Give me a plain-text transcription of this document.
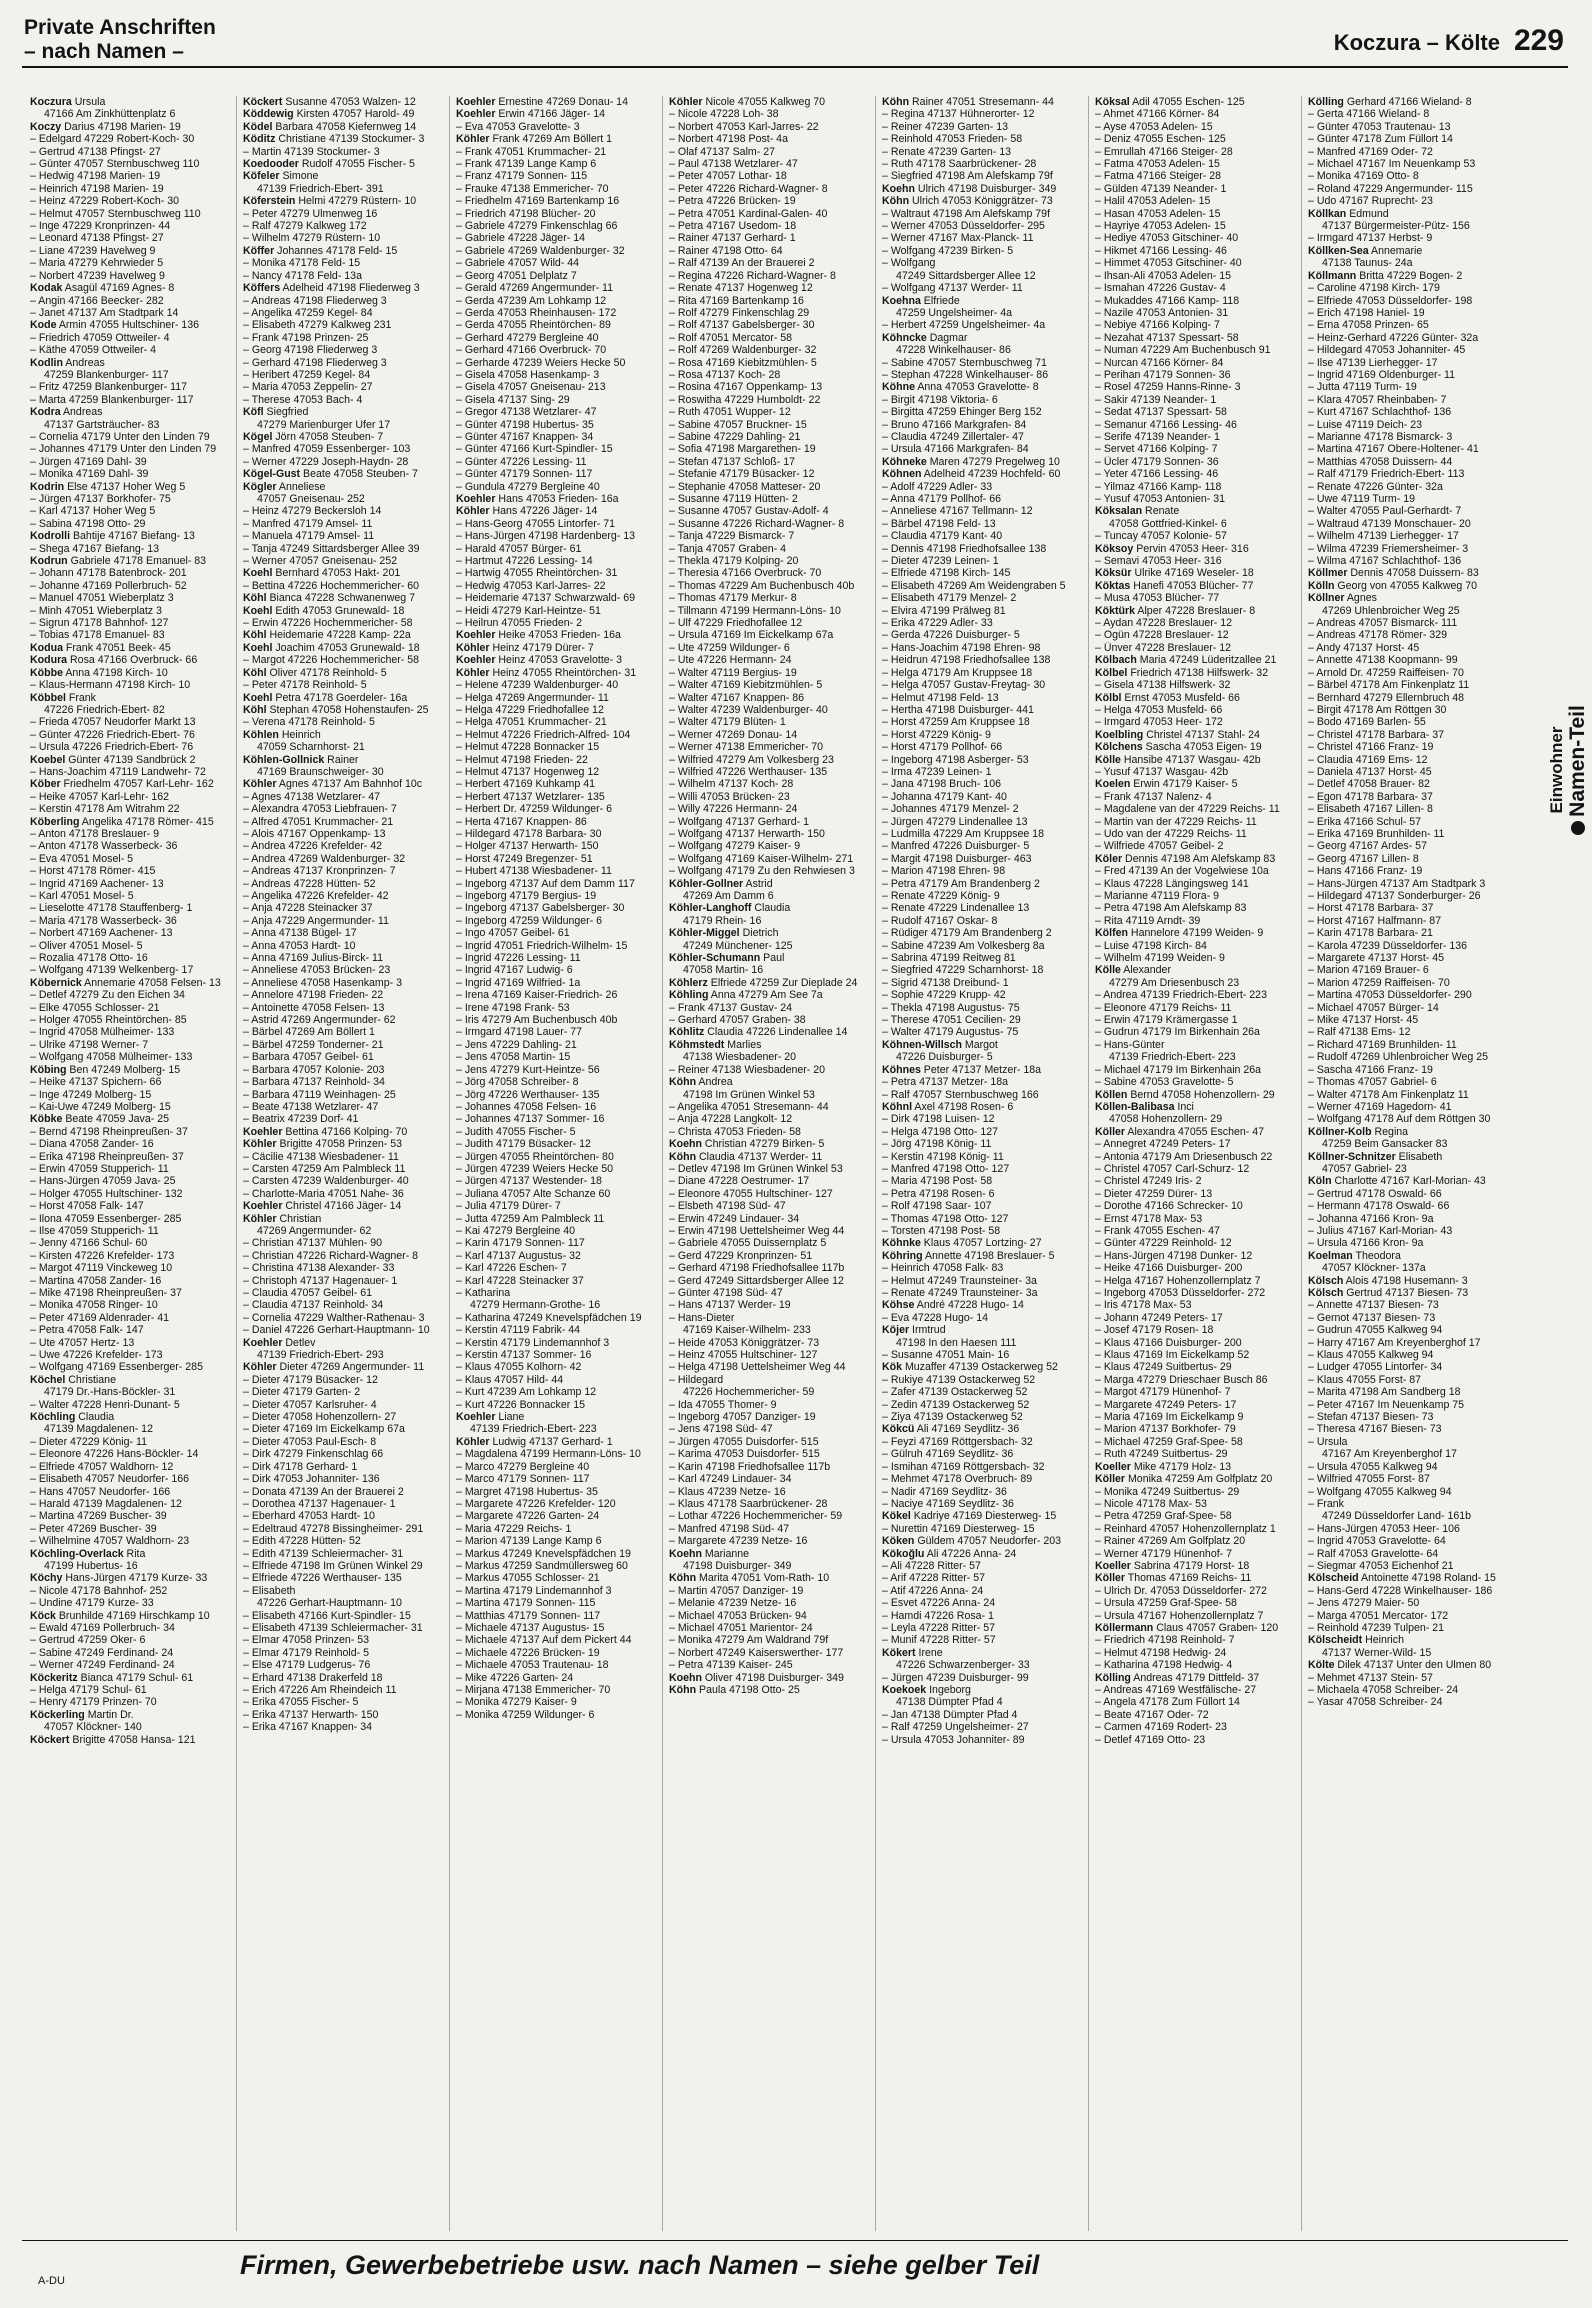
Private Anschriften
– nach Namen –	Koczura – Költe 229
Koczura Ursula
47166 Am Zinkhüttenplatz 6
Koczy Darius 47198 Marien- 19
– Edelgard 47229 Robert-Koch- 30
– Gertrud 47138 Pfingst- 27
– Günter 47057 Sternbuschweg 110
– Hedwig 47198 Marien- 19
– Heinrich 47198 Marien- 19
– Heinz 47229 Robert-Koch- 30
– Helmut 47057 Sternbuschweg 110
– Inge 47229 Kronprinzen- 44
– Leonard 47138 Pfingst- 27
– Liane 47239 Havelweg 9
– Maria 47279 Kehrwieder 5
– Norbert 47239 Havelweg 9
Kodak Asagül 47169 Agnes- 8
– Angin 47166 Beecker- 282
– Janet 47137 Am Stadtpark 14
Kode Armin 47055 Hultschiner- 136
– Friedrich 47059 Ottweiler- 4
– Käthe 47059 Ottweiler- 4
Kodlin Andreas
47259 Blankenburger- 117
– Fritz 47259 Blankenburger- 117
– Marta 47259 Blankenburger- 117
Kodra Andreas
47137 Gartsträucher- 83
– Cornelia 47179 Unter den Linden 79
– Johannes 47179 Unter den Linden 79
– Jürgen 47169 Dahl- 39
– Monika 47169 Dahl- 39
Kodrin Else 47137 Hoher Weg 5
– Jürgen 47137 Borkhofer- 75
– Karl 47137 Hoher Weg 5
– Sabina 47198 Otto- 29
Kodrolli Bahtije 47167 Biefang- 13
– Shega 47167 Biefang- 13
Kodrun Gabriele 47178 Emanuel- 83
– Johann 47178 Batenbrock- 201
– Johanne 47169 Pollerbruch- 52
– Manuel 47051 Wieberplatz 3
– Minh 47051 Wieberplatz 3
– Sigrun 47178 Bahnhof- 127
– Tobias 47178 Emanuel- 83
Kodua Frank 47051 Beek- 45
Kodura Rosa 47166 Overbruck- 66
Köbbe Anna 47198 Kirch- 10
– Klaus-Hermann 47198 Kirch- 10
Köbbel Frank
47226 Friedrich-Ebert- 82
– Frieda 47057 Neudorfer Markt 13
– Günter 47226 Friedrich-Ebert- 76
– Ursula 47226 Friedrich-Ebert- 76
Koebel Günter 47139 Sandbrück 2
– Hans-Joachim 47119 Landwehr- 72
Köber Friedhelm 47057 Karl-Lehr- 162
– Heike 47057 Karl-Lehr- 162
– Kerstin 47178 Am Witrahm 22
Köberling Angelika 47178 Römer- 415
– Anton 47178 Breslauer- 9
– Anton 47178 Wasserbeck- 36
– Eva 47051 Mosel- 5
– Horst 47178 Römer- 415
– Ingrid 47169 Aachener- 13
– Karl 47051 Mosel- 5
– Lieselotte 47178 Stauffenberg- 1
– Maria 47178 Wasserbeck- 36
– Norbert 47169 Aachener- 13
– Oliver 47051 Mosel- 5
– Rozalia 47178 Otto- 16
– Wolfgang 47139 Welkenberg- 17
Köbernick Annemarie 47058 Felsen- 13
– Detlef 47279 Zu den Eichen 34
– Elke 47055 Schlosser- 21
– Holger 47055 Rheintörchen- 85
– Ingrid 47058 Mülheimer- 133
– Ulrike 47198 Werner- 7
– Wolfgang 47058 Mülheimer- 133
Köbing Ben 47249 Molberg- 15
– Heike 47137 Spichern- 66
– Inge 47249 Molberg- 15
– Kai-Uwe 47249 Molberg- 15
Köbke Beate 47059 Java- 25
– Bernd 47198 Rheinpreußen- 37
– Diana 47058 Zander- 16
– Erika 47198 Rheinpreußen- 37
– Erwin 47059 Stupperich- 11
– Hans-Jürgen 47059 Java- 25
– Holger 47055 Hultschiner- 132
– Horst 47058 Falk- 147
– Ilona 47059 Essenberger- 285
– Ilse 47059 Stupperich- 11
– Jenny 47166 Schul- 60
– Kirsten 47226 Krefelder- 173
– Margot 47119 Vinckeweg 10
– Martina 47058 Zander- 16
– Mike 47198 Rheinpreußen- 37
– Monika 47058 Ringer- 10
– Peter 47169 Aldenrader- 41
– Petra 47058 Falk- 147
– Ute 47057 Hertz- 13
– Uwe 47226 Krefelder- 173
– Wolfgang 47169 Essenberger- 285
Köchel Christiane
47179 Dr.-Hans-Böckler- 31
– Walter 47228 Henri-Dunant- 5
Köchling Claudia
47139 Magdalenen- 12
– Dieter 47229 König- 11
– Eleonore 47226 Hans-Böckler- 14
– Elfriede 47057 Waldhorn- 12
– Elisabeth 47057 Neudorfer- 166
– Hans 47057 Neudorfer- 166
– Harald 47139 Magdalenen- 12
– Martina 47269 Buscher- 39
– Peter 47269 Buscher- 39
– Wilhelmine 47057 Waldhorn- 23
Köchling-Overlack Rita
47199 Hubertus- 16
Köchy Hans-Jürgen 47179 Kurze- 33
– Nicole 47178 Bahnhof- 252
– Undine 47179 Kurze- 33
Köck Brunhilde 47169 Hirschkamp 10
– Ewald 47169 Pollerbruch- 34
– Gertrud 47259 Oker- 6
– Sabine 47249 Ferdinand- 24
– Werner 47249 Ferdinand- 24
Köckeritz Bianca 47179 Schul- 61
– Helga 47179 Schul- 61
– Henry 47179 Prinzen- 70
Köckerling Martin Dr.
47057 Klöckner- 140
Köckert Brigitte 47058 Hansa- 121
Köckert Susanne 47053 Walzen- 12
Köddewig Kirsten 47057 Harold- 49
Ködel Barbara 47058 Kiefernweg 14
Köditz Christiane 47139 Stockumer- 3
– Martin 47139 Stockumer- 3
Koedooder Rudolf 47055 Fischer- 5
Köfeler Simone
47139 Friedrich-Ebert- 391
Köferstein Helmi 47279 Rüstern- 10
– Peter 47279 Ulmenweg 16
– Ralf 47279 Kalkweg 172
– Wilhelm 47279 Rüstern- 10
Köffer Johannes 47178 Feld- 15
– Monika 47178 Feld- 15
– Nancy 47178 Feld- 13a
Köffers Adelheid 47198 Fliederweg 3
– Andreas 47198 Fliederweg 3
– Angelika 47259 Kegel- 84
– Elisabeth 47279 Kalkweg 231
– Frank 47198 Prinzen- 25
– Georg 47198 Fliederweg 3
– Gerhard 47198 Fliederweg 3
– Heribert 47259 Kegel- 84
– Maria 47053 Zeppelin- 27
– Therese 47053 Bach- 4
Köfl Siegfried
47279 Marienburger Ufer 17
Kögel Jörn 47058 Steuben- 7
– Manfred 47059 Essenberger- 103
– Werner 47229 Joseph-Haydn- 28
Kögel-Gust Beate 47058 Steuben- 7
Kögler Anneliese
47057 Gneisenau- 252
– Heinz 47279 Beckersloh 14
– Manfred 47179 Amsel- 11
– Manuela 47179 Amsel- 11
– Tanja 47249 Sittardsberger Allee 39
– Werner 47057 Gneisenau- 252
Koehl Bernhard 47053 Hakt- 201
– Bettina 47226 Hochemmericher- 60
Köhl Bianca 47228 Schwanenweg 7
Koehl Edith 47053 Grunewald- 18
– Erwin 47226 Hochemmericher- 58
Köhl Heidemarie 47228 Kamp- 22a
Koehl Joachim 47053 Grunewald- 18
– Margot 47226 Hochemmericher- 58
Köhl Oliver 47178 Reinhold- 5
– Peter 47178 Reinhold- 5
Koehl Petra 47178 Goerdeler- 16a
Köhl Stephan 47058 Hohenstaufen- 25
– Verena 47178 Reinhold- 5
Köhlen Heinrich
47059 Scharnhorst- 21
Köhlen-Gollnick Rainer
47169 Braunschweiger- 30
Köhler Agnes 47137 Am Bahnhof 10c
– Agnes 47138 Wetzlarer- 47
– Alexandra 47053 Liebfrauen- 7
– Alfred 47051 Krummacher- 21
– Alois 47167 Oppenkamp- 13
– Andrea 47226 Krefelder- 42
– Andrea 47269 Waldenburger- 32
– Andreas 47137 Kronprinzen- 7
– Andreas 47228 Hütten- 52
– Angelika 47226 Krefelder- 42
– Anja 47228 Steinacker 37
– Anja 47229 Angermunder- 11
– Anna 47138 Bügel- 17
– Anna 47053 Hardt- 10
– Anna 47169 Julius-Birck- 11
– Anneliese 47053 Brücken- 23
– Anneliese 47058 Hasenkamp- 3
– Annelore 47198 Frieden- 22
– Antoinette 47058 Felsen- 13
– Astrid 47269 Angermunder- 62
– Bärbel 47269 Am Böllert 1
– Bärbel 47259 Tonderner- 21
– Barbara 47057 Geibel- 61
– Barbara 47057 Kolonie- 203
– Barbara 47137 Reinhold- 34
– Barbara 47119 Weinhagen- 25
– Beate 47138 Wetzlarer- 47
– Beatrix 47239 Dorf- 41
Koehler Bettina 47166 Kolping- 70
Köhler Brigitte 47058 Prinzen- 53
– Cäcilie 47138 Wiesbadener- 11
– Carsten 47259 Am Palmbleck 11
– Carsten 47239 Waldenburger- 40
– Charlotte-Maria 47051 Nahe- 36
Koehler Christel 47166 Jäger- 14
Köhler Christian
47269 Angermunder- 62
– Christian 47137 Mühlen- 90
– Christian 47226 Richard-Wagner- 8
– Christina 47138 Alexander- 33
– Christoph 47137 Hagenauer- 1
– Claudia 47057 Geibel- 61
– Claudia 47137 Reinhold- 34
– Cornelia 47229 Walther-Rathenau- 3
– Daniel 47226 Gerhart-Hauptmann- 10
Koehler Detlev
47139 Friedrich-Ebert- 293
Köhler Dieter 47269 Angermunder- 11
– Dieter 47179 Büsacker- 12
– Dieter 47179 Garten- 2
– Dieter 47057 Karlsruher- 4
– Dieter 47058 Hohenzollern- 27
– Dieter 47169 Im Eickelkamp 67a
– Dieter 47053 Paul-Esch- 8
– Dirk 47279 Finkenschlag 66
– Dirk 47178 Gerhard- 1
– Dirk 47053 Johanniter- 136
– Donata 47139 An der Brauerei 2
– Dorothea 47137 Hagenauer- 1
– Eberhard 47053 Hardt- 10
– Edeltraud 47278 Bissingheimer- 291
– Edith 47228 Hütten- 52
– Edith 47139 Schleiermacher- 31
– Elfriede 47198 Im Grünen Winkel 29
– Elfriede 47226 Werthauser- 135
– Elisabeth
47226 Gerhart-Hauptmann- 10
– Elisabeth 47166 Kurt-Spindler- 15
– Elisabeth 47139 Schleiermacher- 31
– Elmar 47058 Prinzen- 53
– Elmar 47179 Reinhold- 5
– Else 47179 Ludgerus- 76
– Erhard 47138 Drakerfeld 18
– Erich 47226 Am Rheindeich 11
– Erika 47055 Fischer- 5
– Erika 47137 Herwarth- 150
– Erika 47167 Knappen- 34
Koehler Ernestine 47269 Donau- 14
Koehler Erwin 47166 Jäger- 14
– Eva 47053 Gravelotte- 3
Köhler Frank 47269 Am Böllert 1
– Frank 47051 Krummacher- 21
– Frank 47139 Lange Kamp 6
– Franz 47179 Sonnen- 115
– Frauke 47138 Emmericher- 70
– Friedhelm 47169 Bartenkamp 16
– Friedrich 47198 Blücher- 20
– Gabriele 47279 Finkenschlag 66
– Gabriele 47228 Jäger- 14
– Gabriele 47269 Waldenburger- 32
– Gabriele 47057 Wild- 44
– Georg 47051 Delplatz 7
– Gerald 47269 Angermunder- 11
– Gerda 47239 Am Lohkamp 12
– Gerda 47053 Rheinhausen- 172
– Gerda 47055 Rheintörchen- 89
– Gerhard 47279 Bergleine 40
– Gerhard 47166 Overbruck- 70
– Gerharde 47239 Weiers Hecke 50
– Gisela 47058 Hasenkamp- 3
– Gisela 47057 Gneisenau- 213
– Gisela 47137 Sing- 29
– Gregor 47138 Wetzlarer- 47
– Günter 47198 Hubertus- 35
– Günter 47167 Knappen- 34
– Günter 47166 Kurt-Spindler- 15
– Günter 47226 Lessing- 11
– Günter 47179 Sonnen- 117
– Gundula 47279 Bergleine 40
Koehler Hans 47053 Frieden- 16a
Köhler Hans 47226 Jäger- 14
– Hans-Georg 47055 Lintorfer- 71
– Hans-Jürgen 47198 Hardenberg- 13
– Harald 47057 Bürger- 61
– Hartmut 47226 Lessing- 14
– Hartwig 47055 Rheintörchen- 31
– Hedwig 47053 Karl-Jarres- 22
– Heidemarie 47137 Schwarzwald- 69
– Heidi 47279 Karl-Heintze- 51
– Heilrun 47055 Frieden- 2
Koehler Heike 47053 Frieden- 16a
Köhler Heinz 47179 Dürer- 7
Koehler Heinz 47053 Gravelotte- 3
Köhler Heinz 47055 Rheintörchen- 31
– Helene 47239 Waldenburger- 40
– Helga 47269 Angermunder- 11
– Helga 47229 Friedhofallee 12
– Helga 47051 Krummacher- 21
– Helmut 47226 Friedrich-Alfred- 104
– Helmut 47228 Bonnacker 15
– Helmut 47198 Frieden- 22
– Helmut 47137 Hogenweg 12
– Herbert 47169 Kuhkamp 41
– Herbert 47137 Wetzlarer- 135
– Herbert Dr. 47259 Wildunger- 6
– Herta 47167 Knappen- 86
– Hildegard 47178 Barbara- 30
– Holger 47137 Herwarth- 150
– Horst 47249 Bregenzer- 51
– Hubert 47138 Wiesbadener- 11
– Ingeborg 47137 Auf dem Damm 117
– Ingeborg 47179 Bergius- 19
– Ingeborg 47137 Gabelsberger- 30
– Ingeborg 47259 Wildunger- 6
– Ingo 47057 Geibel- 61
– Ingrid 47051 Friedrich-Wilhelm- 15
– Ingrid 47226 Lessing- 11
– Ingrid 47167 Ludwig- 6
– Ingrid 47169 Wilfried- 1a
– Irena 47169 Kaiser-Friedrich- 26
– Irene 47198 Frank- 53
– Iris 47279 Am Buchenbusch 40b
– Irmgard 47198 Lauer- 77
– Jens 47229 Dahling- 21
– Jens 47058 Martin- 15
– Jens 47279 Kurt-Heintze- 56
– Jörg 47058 Schreiber- 8
– Jörg 47226 Werthauser- 135
– Johannes 47058 Felsen- 16
– Johannes 47137 Sommer- 16
– Judith 47055 Fischer- 5
– Judith 47179 Büsacker- 12
– Jürgen 47055 Rheintörchen- 80
– Jürgen 47239 Weiers Hecke 50
– Jürgen 47137 Westender- 18
– Juliana 47057 Alte Schanze 60
– Julia 47179 Dürer- 7
– Jutta 47259 Am Palmbleck 11
– Kai 47279 Bergleine 40
– Karin 47179 Sonnen- 117
– Karl 47137 Augustus- 32
– Karl 47226 Eschen- 7
– Karl 47228 Steinacker 37
– Katharina
47279 Hermann-Grothe- 16
– Katharina 47249 Knevelspfädchen 19
– Kerstin 47119 Fabrik- 44
– Kerstin 47179 Lindemannhof 3
– Kerstin 47137 Sommer- 16
– Klaus 47055 Kolhorn- 42
– Klaus 47057 Hild- 44
– Kurt 47239 Am Lohkamp 12
– Kurt 47226 Bonnacker 15
Koehler Liane
47139 Friedrich-Ebert- 223
Köhler Ludwig 47137 Gerhard- 1
– Magdalena 47199 Hermann-Löns- 10
– Marco 47279 Bergleine 40
– Marco 47179 Sonnen- 117
– Margret 47198 Hubertus- 35
– Margarete 47226 Krefelder- 120
– Margarete 47226 Garten- 24
– Maria 47229 Reichs- 1
– Marion 47139 Lange Kamp 6
– Markus 47249 Knevelspfädchen 19
– Markus 47259 Sandmüllersweg 60
– Markus 47055 Schlosser- 21
– Martina 47179 Lindemannhof 3
– Martina 47179 Sonnen- 115
– Matthias 47179 Sonnen- 117
– Michaele 47137 Augustus- 15
– Michaele 47137 Auf dem Pickert 44
– Michaele 47226 Brücken- 19
– Michaele 47053 Trautenau- 18
– Mike 47226 Garten- 24
– Mirjana 47138 Emmericher- 70
– Monika 47279 Kaiser- 9
– Monika 47259 Wildunger- 6
Köhler Nicole 47055 Kalkweg 70
– Nicole 47228 Loh- 38
– Norbert 47053 Karl-Jarres- 22
– Norbert 47198 Post- 4a
– Olaf 47137 Salm- 27
– Paul 47138 Wetzlarer- 47
– Peter 47057 Lothar- 18
– Peter 47226 Richard-Wagner- 8
– Petra 47226 Brücken- 19
– Petra 47051 Kardinal-Galen- 40
– Petra 47167 Usedom- 18
– Rainer 47137 Gerhard- 1
– Rainer 47198 Otto- 64
– Ralf 47139 An der Brauerei 2
– Regina 47226 Richard-Wagner- 8
– Renate 47137 Hogenweg 12
– Rita 47169 Bartenkamp 16
– Rolf 47279 Finkenschlag 29
– Rolf 47137 Gabelsberger- 30
– Rolf 47051 Mercator- 58
– Rolf 47269 Waldenburger- 32
– Rosa 47169 Kiebitzmühlen- 5
– Rosa 47137 Koch- 28
– Rosina 47167 Oppenkamp- 13
– Roswitha 47229 Humboldt- 22
– Ruth 47051 Wupper- 12
– Sabine 47057 Bruckner- 15
– Sabine 47229 Dahling- 21
– Sofia 47198 Margarethen- 19
– Stefan 47137 Schloß- 17
– Stefanie 47179 Büsacker- 12
– Stephanie 47058 Matteser- 20
– Susanne 47119 Hütten- 2
– Susanne 47057 Gustav-Adolf- 4
– Susanne 47226 Richard-Wagner- 8
– Tanja 47229 Bismarck- 7
– Tanja 47057 Graben- 4
– Thekla 47179 Kolping- 20
– Theresia 47166 Overbruck- 70
– Thomas 47229 Am Buchenbusch 40b
– Thomas 47179 Merkur- 8
– Tillmann 47199 Hermann-Löns- 10
– Ulf 47229 Friedhofallee 12
– Ursula 47169 Im Eickelkamp 67a
– Ute 47259 Wildunger- 6
– Ute 47226 Hermann- 24
– Walter 47119 Bergius- 19
– Walter 47169 Kiebitzmühlen- 5
– Walter 47167 Knappen- 86
– Walter 47239 Waldenburger- 40
– Walter 47179 Blüten- 1
– Werner 47269 Donau- 14
– Werner 47138 Emmericher- 70
– Wilfried 47279 Am Volkesberg 23
– Wilfried 47226 Werthauser- 135
– Wilhelm 47137 Koch- 28
– Willi 47053 Brücken- 23
– Willy 47226 Hermann- 24
– Wolfgang 47137 Gerhard- 1
– Wolfgang 47137 Herwarth- 150
– Wolfgang 47279 Kaiser- 9
– Wolfgang 47169 Kaiser-Wilhelm- 271
– Wolfgang 47179 Zu den Rehwiesen 3
Köhler-Gollner Astrid
47269 Am Damm 6
Köhler-Langhoff Claudia
47179 Rhein- 16
Köhler-Miggel Dietrich
47249 Münchener- 125
Köhler-Schumann Paul
47058 Martin- 16
Köhlerz Elfriede 47259 Zur Dieplade 24
Köhling Anna 47279 Am See 7a
– Frank 47137 Gustav- 24
– Gerhard 47057 Graben- 38
Köhlitz Claudia 47226 Lindenallee 14
Köhmstedt Marlies
47138 Wiesbadener- 20
– Reiner 47138 Wiesbadener- 20
Köhn Andrea
47198 Im Grünen Winkel 53
– Angelika 47051 Stresemann- 44
– Anja 47228 Langkolt- 12
– Christa 47053 Frieden- 58
Koehn Christian 47279 Birken- 5
Köhn Claudia 47137 Werder- 11
– Detlev 47198 Im Grünen Winkel 53
– Diane 47228 Oestrumer- 17
– Eleonore 47055 Hultschiner- 127
– Elsbeth 47198 Süd- 47
– Erwin 47249 Lindauer- 34
– Erwin 47198 Uettelsheimer Weg 44
– Gabriele 47055 Duissernplatz 5
– Gerd 47229 Kronprinzen- 51
– Gerhard 47198 Friedhofsallee 117b
– Gerd 47249 Sittardsberger Allee 12
– Günter 47198 Süd- 47
– Hans 47137 Werder- 19
– Hans-Dieter
47169 Kaiser-Wilhelm- 233
– Heide 47053 Königgrätzer- 73
– Heinz 47055 Hultschiner- 127
– Helga 47198 Uettelsheimer Weg 44
– Hildegard
47226 Hochemmericher- 59
– Ida 47055 Thomer- 9
– Ingeborg 47057 Danziger- 19
– Jens 47198 Süd- 47
– Jürgen 47055 Duisdorfer- 515
– Karima 47053 Duisdorfer- 515
– Karin 47198 Friedhofsallee 117b
– Karl 47249 Lindauer- 34
– Klaus 47239 Netze- 16
– Klaus 47178 Saarbrückener- 28
– Lothar 47226 Hochemmericher- 59
– Manfred 47198 Süd- 47
– Margarete 47239 Netze- 16
Koehn Marianne
47198 Duisburger- 349
Köhn Marita 47051 Vom-Rath- 10
– Martin 47057 Danziger- 19
– Melanie 47239 Netze- 16
– Michael 47053 Brücken- 94
– Michael 47051 Marientor- 24
– Monika 47279 Am Waldrand 79f
– Norbert 47249 Kaiserswerther- 177
– Petra 47139 Kaiser- 245
Koehn Oliver 47198 Duisburger- 349
Köhn Paula 47198 Otto- 25
Köhn Rainer 47051 Stresemann- 44
– Regina 47137 Hühnerorter- 12
– Reiner 47239 Garten- 13
– Reinhold 47053 Frieden- 58
– Renate 47239 Garten- 13
– Ruth 47178 Saarbrückener- 28
– Siegfried 47198 Am Alefskamp 79f
Koehn Ulrich 47198 Duisburger- 349
Köhn Ulrich 47053 Königgrätzer- 73
– Waltraut 47198 Am Alefskamp 79f
– Werner 47053 Düsseldorfer- 295
– Werner 47167 Max-Planck- 11
– Wolfgang 47239 Birken- 5
– Wolfgang
47249 Sittardsberger Allee 12
– Wolfgang 47137 Werder- 11
Koehna Elfriede
47259 Ungelsheimer- 4a
– Herbert 47259 Ungelsheimer- 4a
Köhncke Dagmar
47228 Winkelhauser- 86
– Sabine 47057 Sternbuschweg 71
– Stephan 47228 Winkelhauser- 86
Köhne Anna 47053 Gravelotte- 8
– Birgit 47198 Viktoria- 6
– Birgitta 47259 Ehinger Berg 152
– Bruno 47166 Markgrafen- 84
– Claudia 47249 Zillertaler- 47
– Ursula 47166 Markgrafen- 84
Köhneke Maren 47279 Pregelweg 10
Köhnen Adelheid 47239 Hochfeld- 60
– Adolf 47229 Adler- 33
– Anna 47179 Pollhof- 66
– Anneliese 47167 Tellmann- 12
– Bärbel 47198 Feld- 13
– Claudia 47179 Kant- 40
– Dennis 47198 Friedhofsallee 138
– Dieter 47239 Leinen- 1
– Elfriede 47198 Kirch- 145
– Elisabeth 47269 Am Weidengraben 5
– Elisabeth 47179 Menzel- 2
– Elvira 47199 Prälweg 81
– Erika 47229 Adler- 33
– Gerda 47226 Duisburger- 5
– Hans-Joachim 47198 Ehren- 98
– Heidrun 47198 Friedhofsallee 138
– Helga 47179 Am Kruppsee 18
– Helga 47057 Gustav-Freytag- 30
– Helmut 47198 Feld- 13
– Hertha 47198 Duisburger- 441
– Horst 47259 Am Kruppsee 18
– Horst 47229 König- 9
– Horst 47179 Pollhof- 66
– Ingeborg 47198 Asberger- 53
– Irma 47239 Leinen- 1
– Jana 47198 Bruch- 106
– Johanna 47179 Kant- 40
– Johannes 47179 Menzel- 2
– Jürgen 47279 Lindenallee 13
– Ludmilla 47229 Am Kruppsee 18
– Manfred 47226 Duisburger- 5
– Margit 47198 Duisburger- 463
– Marion 47198 Ehren- 98
– Petra 47179 Am Brandenberg 2
– Renate 47229 König- 9
– Renate 47229 Lindenallee 13
– Rudolf 47167 Oskar- 8
– Rüdiger 47179 Am Brandenberg 2
– Sabine 47239 Am Volkesberg 8a
– Sabrina 47199 Reitweg 81
– Siegfried 47229 Scharnhorst- 18
– Sigrid 47138 Dreibund- 1
– Sophie 47229 Krupp- 42
– Thekla 47198 Augustus- 75
– Therese 47051 Cecilien- 29
– Walter 47179 Augustus- 75
Köhnen-Willsch Margot
47226 Duisburger- 5
Köhnes Peter 47137 Metzer- 18a
– Petra 47137 Metzer- 18a
– Ralf 47057 Sternbuschweg 166
Köhnl Axel 47198 Rosen- 6
– Dirk 47198 Luisen- 12
– Helga 47198 Otto- 127
– Jörg 47198 König- 11
– Kerstin 47198 König- 11
– Manfred 47198 Otto- 127
– Maria 47198 Post- 58
– Petra 47198 Rosen- 6
– Rolf 47198 Saar- 107
– Thomas 47198 Otto- 127
– Torsten 47198 Post- 58
Köhnke Klaus 47057 Lortzing- 27
Köhring Annette 47198 Breslauer- 5
– Heinrich 47058 Falk- 83
– Helmut 47249 Traunsteiner- 3a
– Renate 47249 Traunsteiner- 3a
Köhse André 47228 Hugo- 14
– Eva 47228 Hugo- 14
Köjer Irmtrud
47198 In den Haesen 111
– Susanne 47051 Main- 16
Kök Muzaffer 47139 Ostackerweg 52
– Rukiye 47139 Ostackerweg 52
– Zafer 47139 Ostackerweg 52
– Zedin 47139 Ostackerweg 52
– Ziya 47139 Ostackerweg 52
Kökcü Ali 47169 Seydlitz- 36
– Feyzi 47169 Röttgersbach- 32
– Gülruh 47169 Seydlitz- 36
– Ismihan 47169 Röttgersbach- 32
– Mehmet 47178 Overbruch- 89
– Nadir 47169 Seydlitz- 36
– Naciye 47169 Seydlitz- 36
Kökel Kadriye 47169 Diesterweg- 15
– Nurettin 47169 Diesterweg- 15
Köken Güldem 47057 Neudorfer- 203
Kökoğlu Ali 47226 Anna- 24
– Ali 47228 Ritter- 57
– Arif 47228 Ritter- 57
– Atif 47226 Anna- 24
– Esvet 47226 Anna- 24
– Hamdi 47226 Rosa- 1
– Leyla 47228 Ritter- 57
– Munif 47228 Ritter- 57
Kökert Irene
47226 Schwarzenberger- 33
– Jürgen 47239 Duisburger- 99
Koekoek Ingeborg
47138 Dümpter Pfad 4
– Jan 47138 Dümpter Pfad 4
– Ralf 47259 Ungelsheimer- 27
– Ursula 47053 Johanniter- 89
Köksal Adil 47055 Eschen- 125
– Ahmet 47166 Körner- 84
– Ayse 47053 Adelen- 15
– Deniz 47055 Eschen- 125
– Emrullah 47166 Steiger- 28
– Fatma 47053 Adelen- 15
– Fatma 47166 Steiger- 28
– Gülden 47139 Neander- 1
– Halil 47053 Adelen- 15
– Hasan 47053 Adelen- 15
– Hayriye 47053 Adelen- 15
– Hediye 47053 Gitschiner- 40
– Hikmet 47166 Lessing- 46
– Himmet 47053 Gitschiner- 40
– Ihsan-Ali 47053 Adelen- 15
– Ismahan 47226 Gustav- 4
– Mukaddes 47166 Kamp- 118
– Nazile 47053 Antonien- 31
– Nebiye 47166 Kolping- 7
– Nezahat 47137 Spessart- 58
– Numan 47229 Am Buchenbusch 91
– Nurcan 47166 Körner- 84
– Perihan 47179 Sonnen- 36
– Rosel 47259 Hanns-Rinne- 3
– Sakir 47139 Neander- 1
– Sedat 47137 Spessart- 58
– Semanur 47166 Lessing- 46
– Serife 47139 Neander- 1
– Servet 47166 Kolping- 7
– Ücler 47179 Sonnen- 36
– Yeter 47166 Lessing- 46
– Yilmaz 47166 Kamp- 118
– Yusuf 47053 Antonien- 31
Köksalan Renate
47058 Gottfried-Kinkel- 6
– Tuncay 47057 Kolonie- 57
Köksoy Pervin 47053 Heer- 316
– Semavi 47053 Heer- 316
Köksür Ulrike 47169 Weseler- 18
Köktas Hanefi 47053 Blücher- 77
– Musa 47053 Blücher- 77
Köktürk Alper 47228 Breslauer- 8
– Aydan 47228 Breslauer- 12
– Ogün 47228 Breslauer- 12
– Ünver 47228 Breslauer- 12
Kölbach Maria 47249 Lüderitzallee 21
Kölbel Friedrich 47138 Hilfswerk- 32
– Gisela 47138 Hilfswerk- 32
Kölbl Ernst 47053 Musfeld- 66
– Helga 47053 Musfeld- 66
– Irmgard 47053 Heer- 172
Koelbling Christel 47137 Stahl- 24
Kölchens Sascha 47053 Eigen- 19
Kölle Hansibe 47137 Wasgau- 42b
– Yusuf 47137 Wasgau- 42b
Koelen Erwin 47179 Kaiser- 5
– Frank 47137 Nalenz- 4
– Magdalene van der 47229 Reichs- 11
– Martin van der 47229 Reichs- 11
– Udo van der 47229 Reichs- 11
– Wilfriede 47057 Geibel- 2
Köler Dennis 47198 Am Alefskamp 83
– Fred 47139 An der Vogelwiese 10a
– Klaus 47228 Längingsweg 141
– Marianne 47119 Flora- 9
– Petra 47198 Am Alefskamp 83
– Rita 47119 Arndt- 39
Kölfen Hannelore 47199 Weiden- 9
– Luise 47198 Kirch- 84
– Wilhelm 47199 Weiden- 9
Kölle Alexander
47279 Am Driesenbusch 23
– Andrea 47139 Friedrich-Ebert- 223
– Eleonore 47179 Reichs- 11
– Erwin 47179 Krämergasse 1
– Gudrun 47179 Im Birkenhain 26a
– Hans-Günter
47139 Friedrich-Ebert- 223
– Michael 47179 Im Birkenhain 26a
– Sabine 47053 Gravelotte- 5
Köllen Bernd 47058 Hohenzollern- 29
Köllen-Balibasa Inci
47058 Hohenzollern- 29
Köller Alexandra 47055 Eschen- 47
– Annegret 47249 Peters- 17
– Antonia 47179 Am Driesenbusch 22
– Christel 47057 Carl-Schurz- 12
– Christel 47249 Iris- 2
– Dieter 47259 Dürer- 13
– Dorothe 47166 Schrecker- 10
– Ernst 47178 Max- 53
– Frank 47055 Eschen- 47
– Günter 47229 Reinhold- 12
– Hans-Jürgen 47198 Dunker- 12
– Heike 47166 Duisburger- 200
– Helga 47167 Hohenzollernplatz 7
– Ingeborg 47053 Düsseldorfer- 272
– Iris 47178 Max- 53
– Johann 47249 Peters- 17
– Josef 47179 Rosen- 18
– Klaus 47166 Duisburger- 200
– Klaus 47169 Im Eickelkamp 52
– Klaus 47249 Suitbertus- 29
– Marga 47279 Drieschaer Busch 86
– Margot 47179 Hünenhof- 7
– Margarete 47249 Peters- 17
– Maria 47169 Im Eickelkamp 9
– Marion 47137 Borkhofer- 79
– Michael 47259 Graf-Spee- 58
– Ruth 47249 Suitbertus- 29
Koeller Mike 47179 Holz- 13
Köller Monika 47259 Am Golfplatz 20
– Monika 47249 Suitbertus- 29
– Nicole 47178 Max- 53
– Petra 47259 Graf-Spee- 58
– Reinhard 47057 Hohenzollernplatz 1
– Rainer 47269 Am Golfplatz 20
– Werner 47179 Hünenhof- 7
Koeller Sabrina 47179 Horst- 18
Köller Thomas 47169 Reichs- 11
– Ulrich Dr. 47053 Düsseldorfer- 272
– Ursula 47259 Graf-Spee- 58
– Ursula 47167 Hohenzollernplatz 7
Köllermann Claus 47057 Graben- 120
– Friedrich 47198 Reinhold- 7
– Helmut 47198 Hedwig- 24
– Katharina 47198 Hedwig- 4
Kölling Andreas 47179 Dittfeld- 37
– Andreas 47169 Westfälische- 27
– Angela 47178 Zum Füllort 14
– Beate 47167 Oder- 72
– Carmen 47169 Rodert- 23
– Detlef 47169 Otto- 23
Kölling Gerhard 47166 Wieland- 8
– Gerta 47166 Wieland- 8
– Günter 47053 Trautenau- 13
– Günter 47178 Zum Füllort 14
– Manfred 47169 Oder- 72
– Michael 47167 Im Neuenkamp 53
– Monika 47169 Otto- 8
– Roland 47229 Angermunder- 115
– Udo 47167 Ruprecht- 23
Köllkan Edmund
47137 Bürgermeister-Pütz- 156
– Irmgard 47137 Herbst- 9
Köllken-Sea Annemarie
47138 Taunus- 24a
Köllmann Britta 47229 Bogen- 2
– Caroline 47198 Kirch- 179
– Elfriede 47053 Düsseldorfer- 198
– Erich 47198 Haniel- 19
– Erna 47058 Prinzen- 65
– Heinz-Gerhard 47226 Günter- 32a
– Hildegard 47053 Johanniter- 45
– Ilse 47139 Lierhegger- 17
– Ingrid 47169 Oldenburger- 11
– Jutta 47119 Turm- 19
– Klara 47057 Rheinbaben- 7
– Kurt 47167 Schlachthof- 136
– Luise 47119 Deich- 23
– Marianne 47178 Bismarck- 3
– Martina 47167 Obere-Holtener- 41
– Matthias 47058 Duissern- 44
– Ralf 47179 Friedrich-Ebert- 113
– Renate 47226 Günter- 32a
– Uwe 47119 Turm- 19
– Walter 47055 Paul-Gerhardt- 7
– Waltraud 47139 Monschauer- 20
– Wilhelm 47139 Lierhegger- 17
– Wilma 47239 Friemersheimer- 3
– Wilma 47167 Schlachthof- 136
Köllmer Dennis 47058 Duissern- 83
Kölln Georg von 47055 Kalkweg 70
Köllner Agnes
47269 Uhlenbroicher Weg 25
– Andreas 47057 Bismarck- 111
– Andreas 47178 Römer- 329
– Andy 47137 Horst- 45
– Annette 47138 Koopmann- 99
– Arnold Dr. 47259 Raiffeisen- 70
– Bärbel 47178 Am Finkenplatz 11
– Bernhard 47279 Ellernbruch 48
– Birgit 47178 Am Röttgen 30
– Bodo 47169 Barlen- 55
– Christel 47178 Barbara- 37
– Christel 47166 Franz- 19
– Claudia 47169 Ems- 12
– Daniela 47137 Horst- 45
– Detlef 47058 Brauer- 82
– Egon 47178 Barbara- 37
– Elisabeth 47167 Lillen- 8
– Erika 47166 Schul- 57
– Erika 47169 Brunhilden- 11
– Georg 47167 Ardes- 57
– Georg 47167 Lillen- 8
– Hans 47166 Franz- 19
– Hans-Jürgen 47137 Am Stadtpark 3
– Hildegard 47137 Sonderburger- 26
– Horst 47178 Barbara- 37
– Horst 47167 Halfmann- 87
– Karin 47178 Barbara- 21
– Karola 47239 Düsseldorfer- 136
– Margarete 47137 Horst- 45
– Marion 47169 Brauer- 6
– Marion 47259 Raiffeisen- 70
– Martina 47053 Düsseldorfer- 290
– Michael 47057 Bürger- 14
– Mike 47137 Horst- 45
– Ralf 47138 Ems- 12
– Richard 47169 Brunhilden- 11
– Rudolf 47269 Uhlenbroicher Weg 25
– Sascha 47166 Franz- 19
– Thomas 47057 Gabriel- 6
– Walter 47178 Am Finkenplatz 11
– Werner 47169 Hagedorn- 41
– Wolfgang 47178 Auf dem Röttgen 30
Köllner-Kolb Regina
47259 Beim Gansacker 83
Köllner-Schnitzer Elisabeth
47057 Gabriel- 23
Köln Charlotte 47167 Karl-Morian- 43
– Gertrud 47178 Oswald- 66
– Hermann 47178 Oswald- 66
– Johanna 47166 Kron- 9a
– Julius 47167 Karl-Morian- 43
– Ursula 47166 Kron- 9a
Koelman Theodora
47057 Klöckner- 137a
Kölsch Alois 47198 Husemann- 3
Kölsch Gertrud 47137 Biesen- 73
– Annette 47137 Biesen- 73
– Gernot 47137 Biesen- 73
– Gudrun 47055 Kalkweg 94
– Harry 47167 Am Kreyenberghof 17
– Klaus 47055 Kalkweg 94
– Ludger 47055 Lintorfer- 34
– Klaus 47055 Forst- 87
– Marita 47198 Am Sandberg 18
– Peter 47167 Im Neuenkamp 75
– Stefan 47137 Biesen- 73
– Theresa 47167 Biesen- 73
– Ursula
47167 Am Kreyenberghof 17
– Ursula 47055 Kalkweg 94
– Wilfried 47055 Forst- 87
– Wolfgang 47055 Kalkweg 94
– Frank
47249 Düsseldorfer Land- 161b
– Hans-Jürgen 47053 Heer- 106
– Ingrid 47053 Gravelotte- 64
– Ralf 47053 Gravelotte- 64
– Siegmar 47053 Eichenhof 21
Kölscheid Antoinette 47198 Roland- 15
– Hans-Gerd 47228 Winkelhauser- 186
– Jens 47279 Maier- 50
– Marga 47051 Mercator- 172
– Reinhold 47239 Tulpen- 21
Kölscheidt Heinrich
47137 Werner-Wild- 15
Költe Dilek 47137 Unter den Ulmen 80
– Mehmet 47137 Stein- 57
– Michaela 47058 Schreiber- 24
– Yasar 47058 Schreiber- 24
Einwohner Namen-Teil
A-DU
Firmen, Gewerbebetriebe usw. nach Namen – siehe gelber Teil
